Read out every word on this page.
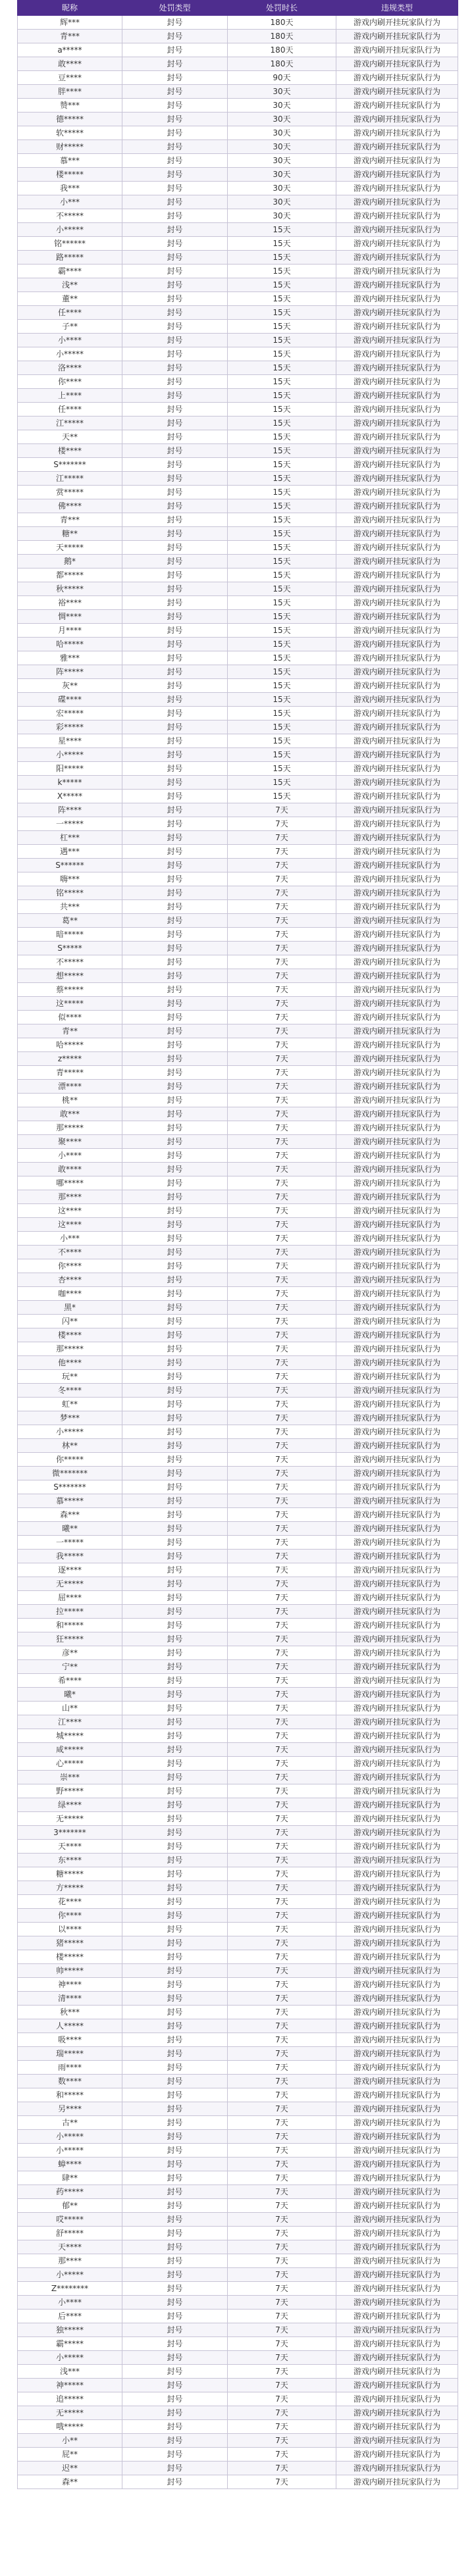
昵称	处罚类型	处罚时长	违规类型
辉***	封号	180天	游戏内刷开挂玩家队行为
青***	封号	180天	游戏内刷开挂玩家队行为
a*****	封号	180天	游戏内刷开挂玩家队行为
敢****	封号	180天	游戏内刷开挂玩家队行为
豆****	封号	90天	游戏内刷开挂玩家队行为
胖****	封号	30天	游戏内刷开挂玩家队行为
赞***	封号	30天	游戏内刷开挂玩家队行为
德*****	封号	30天	游戏内刷开挂玩家队行为
软*****	封号	30天	游戏内刷开挂玩家队行为
财*****	封号	30天	游戏内刷开挂玩家队行为
慕***	封号	30天	游戏内刷开挂玩家队行为
楼*****	封号	30天	游戏内刷开挂玩家队行为
我***	封号	30天	游戏内刷开挂玩家队行为
小***	封号	30天	游戏内刷开挂玩家队行为
不*****	封号	30天	游戏内刷开挂玩家队行为
小*****	封号	15天	游戏内刷开挂玩家队行为
铭******	封号	15天	游戏内刷开挂玩家队行为
路*****	封号	15天	游戏内刷开挂玩家队行为
霸****	封号	15天	游戏内刷开挂玩家队行为
浅**	封号	15天	游戏内刷开挂玩家队行为
董**	封号	15天	游戏内刷开挂玩家队行为
任****	封号	15天	游戏内刷开挂玩家队行为
子**	封号	15天	游戏内刷开挂玩家队行为
小****	封号	15天	游戏内刷开挂玩家队行为
小*****	封号	15天	游戏内刷开挂玩家队行为
洛****	封号	15天	游戏内刷开挂玩家队行为
你****	封号	15天	游戏内刷开挂玩家队行为
上****	封号	15天	游戏内刷开挂玩家队行为
任****	封号	15天	游戏内刷开挂玩家队行为
江*****	封号	15天	游戏内刷开挂玩家队行为
天**	封号	15天	游戏内刷开挂玩家队行为
楼****	封号	15天	游戏内刷开挂玩家队行为
S*******	封号	15天	游戏内刷开挂玩家队行为
江*****	封号	15天	游戏内刷开挂玩家队行为
赏*****	封号	15天	游戏内刷开挂玩家队行为
佛****	封号	15天	游戏内刷开挂玩家队行为
青***	封号	15天	游戏内刷开挂玩家队行为
糖**	封号	15天	游戏内刷开挂玩家队行为
天*****	封号	15天	游戏内刷开挂玩家队行为
鹅*	封号	15天	游戏内刷开挂玩家队行为
都*****	封号	15天	游戏内刷开挂玩家队行为
秋*****	封号	15天	游戏内刷开挂玩家队行为
裕****	封号	15天	游戏内刷开挂玩家队行为
惆****	封号	15天	游戏内刷开挂玩家队行为
月****	封号	15天	游戏内刷开挂玩家队行为
哈*****	封号	15天	游戏内刷开挂玩家队行为
雅***	封号	15天	游戏内刷开挂玩家队行为
阵*****	封号	15天	游戏内刷开挂玩家队行为
灰**	封号	15天	游戏内刷开挂玩家队行为
碟****	封号	15天	游戏内刷开挂玩家队行为
宏*****	封号	15天	游戏内刷开挂玩家队行为
彩*****	封号	15天	游戏内刷开挂玩家队行为
星****	封号	15天	游戏内刷开挂玩家队行为
小*****	封号	15天	游戏内刷开挂玩家队行为
阳*****	封号	15天	游戏内刷开挂玩家队行为
k*****	封号	15天	游戏内刷开挂玩家队行为
X*****	封号	15天	游戏内刷开挂玩家队行为
阵****	封号	7天	游戏内刷开挂玩家队行为
一*****	封号	7天	游戏内刷开挂玩家队行为
杠***	封号	7天	游戏内刷开挂玩家队行为
遇***	封号	7天	游戏内刷开挂玩家队行为
S******	封号	7天	游戏内刷开挂玩家队行为
嗨***	封号	7天	游戏内刷开挂玩家队行为
铭*****	封号	7天	游戏内刷开挂玩家队行为
共***	封号	7天	游戏内刷开挂玩家队行为
葛**	封号	7天	游戏内刷开挂玩家队行为
暗*****	封号	7天	游戏内刷开挂玩家队行为
S*****	封号	7天	游戏内刷开挂玩家队行为
不*****	封号	7天	游戏内刷开挂玩家队行为
想*****	封号	7天	游戏内刷开挂玩家队行为
蔡*****	封号	7天	游戏内刷开挂玩家队行为
这*****	封号	7天	游戏内刷开挂玩家队行为
似****	封号	7天	游戏内刷开挂玩家队行为
青**	封号	7天	游戏内刷开挂玩家队行为
哈*****	封号	7天	游戏内刷开挂玩家队行为
z*****	封号	7天	游戏内刷开挂玩家队行为
青*****	封号	7天	游戏内刷开挂玩家队行为
漂****	封号	7天	游戏内刷开挂玩家队行为
桃**	封号	7天	游戏内刷开挂玩家队行为
敢***	封号	7天	游戏内刷开挂玩家队行为
那*****	封号	7天	游戏内刷开挂玩家队行为
聚****	封号	7天	游戏内刷开挂玩家队行为
小****	封号	7天	游戏内刷开挂玩家队行为
敢****	封号	7天	游戏内刷开挂玩家队行为
哪*****	封号	7天	游戏内刷开挂玩家队行为
那****	封号	7天	游戏内刷开挂玩家队行为
这****	封号	7天	游戏内刷开挂玩家队行为
这****	封号	7天	游戏内刷开挂玩家队行为
小***	封号	7天	游戏内刷开挂玩家队行为
不****	封号	7天	游戏内刷开挂玩家队行为
你****	封号	7天	游戏内刷开挂玩家队行为
杏****	封号	7天	游戏内刷开挂玩家队行为
咖****	封号	7天	游戏内刷开挂玩家队行为
黑*	封号	7天	游戏内刷开挂玩家队行为
闪**	封号	7天	游戏内刷开挂玩家队行为
楼****	封号	7天	游戏内刷开挂玩家队行为
那*****	封号	7天	游戏内刷开挂玩家队行为
他****	封号	7天	游戏内刷开挂玩家队行为
玩**	封号	7天	游戏内刷开挂玩家队行为
冬****	封号	7天	游戏内刷开挂玩家队行为
虹**	封号	7天	游戏内刷开挂玩家队行为
梦***	封号	7天	游戏内刷开挂玩家队行为
小*****	封号	7天	游戏内刷开挂玩家队行为
林**	封号	7天	游戏内刷开挂玩家队行为
你*****	封号	7天	游戏内刷开挂玩家队行为
微*******	封号	7天	游戏内刷开挂玩家队行为
S*******	封号	7天	游戏内刷开挂玩家队行为
慕*****	封号	7天	游戏内刷开挂玩家队行为
森***	封号	7天	游戏内刷开挂玩家队行为
曦**	封号	7天	游戏内刷开挂玩家队行为
一*****	封号	7天	游戏内刷开挂玩家队行为
我*****	封号	7天	游戏内刷开挂玩家队行为
逐****	封号	7天	游戏内刷开挂玩家队行为
无*****	封号	7天	游戏内刷开挂玩家队行为
屈****	封号	7天	游戏内刷开挂玩家队行为
拉*****	封号	7天	游戏内刷开挂玩家队行为
和*****	封号	7天	游戏内刷开挂玩家队行为
狂*****	封号	7天	游戏内刷开挂玩家队行为
彦**	封号	7天	游戏内刷开挂玩家队行为
宁**	封号	7天	游戏内刷开挂玩家队行为
希****	封号	7天	游戏内刷开挂玩家队行为
曦*	封号	7天	游戏内刷开挂玩家队行为
山**	封号	7天	游戏内刷开挂玩家队行为
江****	封号	7天	游戏内刷开挂玩家队行为
城*****	封号	7天	游戏内刷开挂玩家队行为
咸*****	封号	7天	游戏内刷开挂玩家队行为
心*****	封号	7天	游戏内刷开挂玩家队行为
崇***	封号	7天	游戏内刷开挂玩家队行为
野*****	封号	7天	游戏内刷开挂玩家队行为
绿****	封号	7天	游戏内刷开挂玩家队行为
无*****	封号	7天	游戏内刷开挂玩家队行为
3*******	封号	7天	游戏内刷开挂玩家队行为
天****	封号	7天	游戏内刷开挂玩家队行为
东****	封号	7天	游戏内刷开挂玩家队行为
糖*****	封号	7天	游戏内刷开挂玩家队行为
方*****	封号	7天	游戏内刷开挂玩家队行为
花****	封号	7天	游戏内刷开挂玩家队行为
你****	封号	7天	游戏内刷开挂玩家队行为
以****	封号	7天	游戏内刷开挂玩家队行为
猪*****	封号	7天	游戏内刷开挂玩家队行为
楼*****	封号	7天	游戏内刷开挂玩家队行为
帅*****	封号	7天	游戏内刷开挂玩家队行为
神****	封号	7天	游戏内刷开挂玩家队行为
清****	封号	7天	游戏内刷开挂玩家队行为
秋***	封号	7天	游戏内刷开挂玩家队行为
人*****	封号	7天	游戏内刷开挂玩家队行为
吸****	封号	7天	游戏内刷开挂玩家队行为
瑞*****	封号	7天	游戏内刷开挂玩家队行为
雨****	封号	7天	游戏内刷开挂玩家队行为
数****	封号	7天	游戏内刷开挂玩家队行为
和*****	封号	7天	游戏内刷开挂玩家队行为
另****	封号	7天	游戏内刷开挂玩家队行为
古**	封号	7天	游戏内刷开挂玩家队行为
小*****	封号	7天	游戏内刷开挂玩家队行为
小*****	封号	7天	游戏内刷开挂玩家队行为
蟑****	封号	7天	游戏内刷开挂玩家队行为
肆**	封号	7天	游戏内刷开挂玩家队行为
药*****	封号	7天	游戏内刷开挂玩家队行为
郁**	封号	7天	游戏内刷开挂玩家队行为
哎*****	封号	7天	游戏内刷开挂玩家队行为
舒*****	封号	7天	游戏内刷开挂玩家队行为
天****	封号	7天	游戏内刷开挂玩家队行为
那****	封号	7天	游戏内刷开挂玩家队行为
小*****	封号	7天	游戏内刷开挂玩家队行为
Z********	封号	7天	游戏内刷开挂玩家队行为
小****	封号	7天	游戏内刷开挂玩家队行为
后****	封号	7天	游戏内刷开挂玩家队行为
独*****	封号	7天	游戏内刷开挂玩家队行为
霸*****	封号	7天	游戏内刷开挂玩家队行为
小*****	封号	7天	游戏内刷开挂玩家队行为
浅***	封号	7天	游戏内刷开挂玩家队行为
神*****	封号	7天	游戏内刷开挂玩家队行为
追*****	封号	7天	游戏内刷开挂玩家队行为
无*****	封号	7天	游戏内刷开挂玩家队行为
哦*****	封号	7天	游戏内刷开挂玩家队行为
小**	封号	7天	游戏内刷开挂玩家队行为
屁**	封号	7天	游戏内刷开挂玩家队行为
迟**	封号	7天	游戏内刷开挂玩家队行为
森**	封号	7天	游戏内刷开挂玩家队行为
